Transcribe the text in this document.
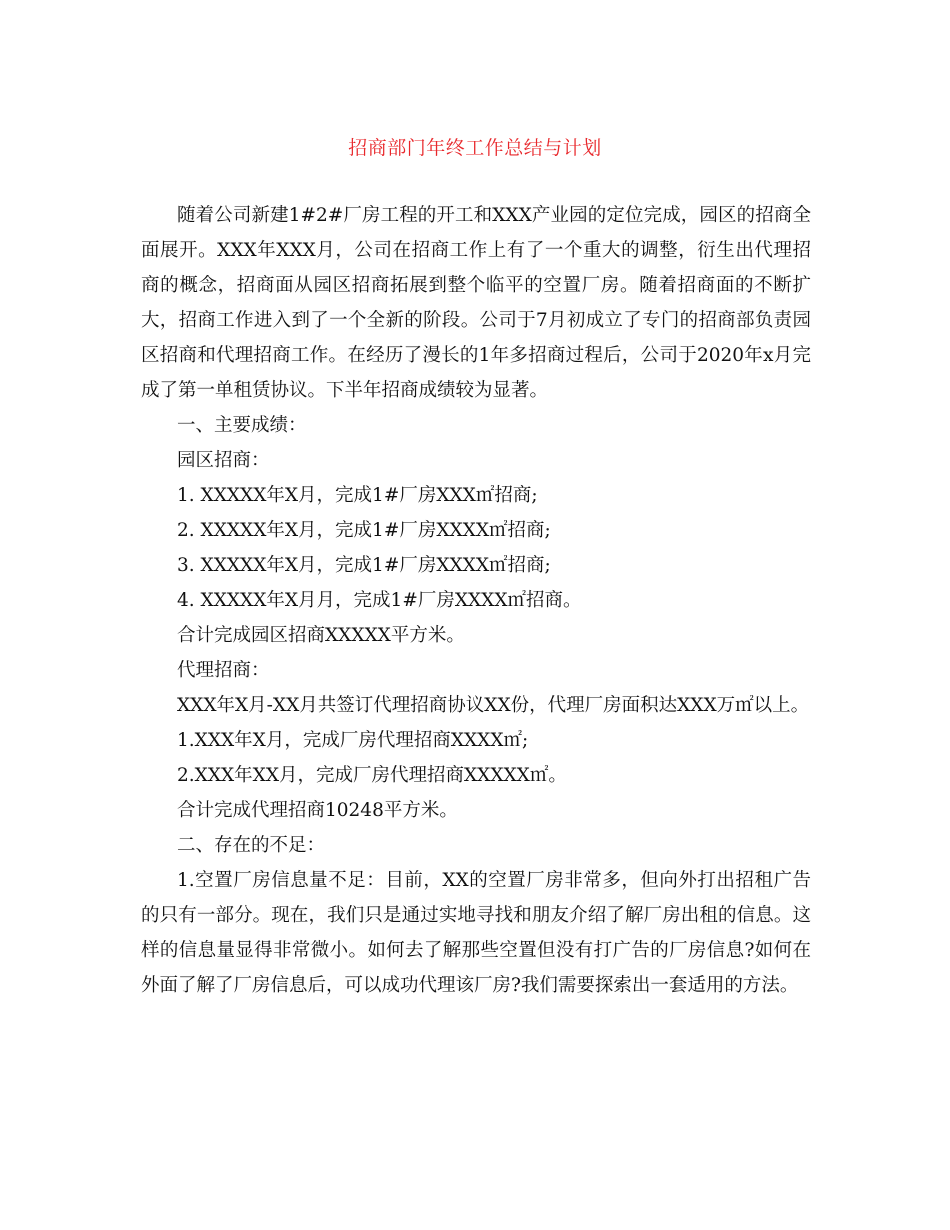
招商部门年终工作总结与计划

随着公司新建1#2#厂房工程的开工和XXX产业园的定位完成，园区的招商全面展开。XXX年XXX月，公司在招商工作上有了一个重大的调整，衍生出代理招商的概念，招商面从园区招商拓展到整个临平的空置厂房。随着招商面的不断扩大，招商工作进入到了一个全新的阶段。公司于7月初成立了专门的招商部负责园区招商和代理招商工作。在经历了漫长的1年多招商过程后，公司于2020年x月完成了第一单租赁协议。下半年招商成绩较为显著。

一、主要成绩：

园区招商：

1. XXXXX年X月，完成1#厂房XXX㎡招商;

2. XXXXX年X月，完成1#厂房XXXX㎡招商;

3. XXXXX年X月，完成1#厂房XXXX㎡招商;

4. XXXXX年X月月，完成1#厂房XXXX㎡招商。

合计完成园区招商XXXXX平方米。

代理招商：

XXX年X月-XX月共签订代理招商协议XX份，代理厂房面积达XXX万㎡以上。

1.XXX年X月，完成厂房代理招商XXXX㎡;

2.XXX年XX月，完成厂房代理招商XXXXX㎡。

合计完成代理招商10248平方米。

二、存在的不足：

1.空置厂房信息量不足：目前，XX的空置厂房非常多，但向外打出招租广告的只有一部分。现在，我们只是通过实地寻找和朋友介绍了解厂房出租的信息。这样的信息量显得非常微小。如何去了解那些空置但没有打广告的厂房信息?如何在外面了解了厂房信息后，可以成功代理该厂房?我们需要探索出一套适用的方法。
